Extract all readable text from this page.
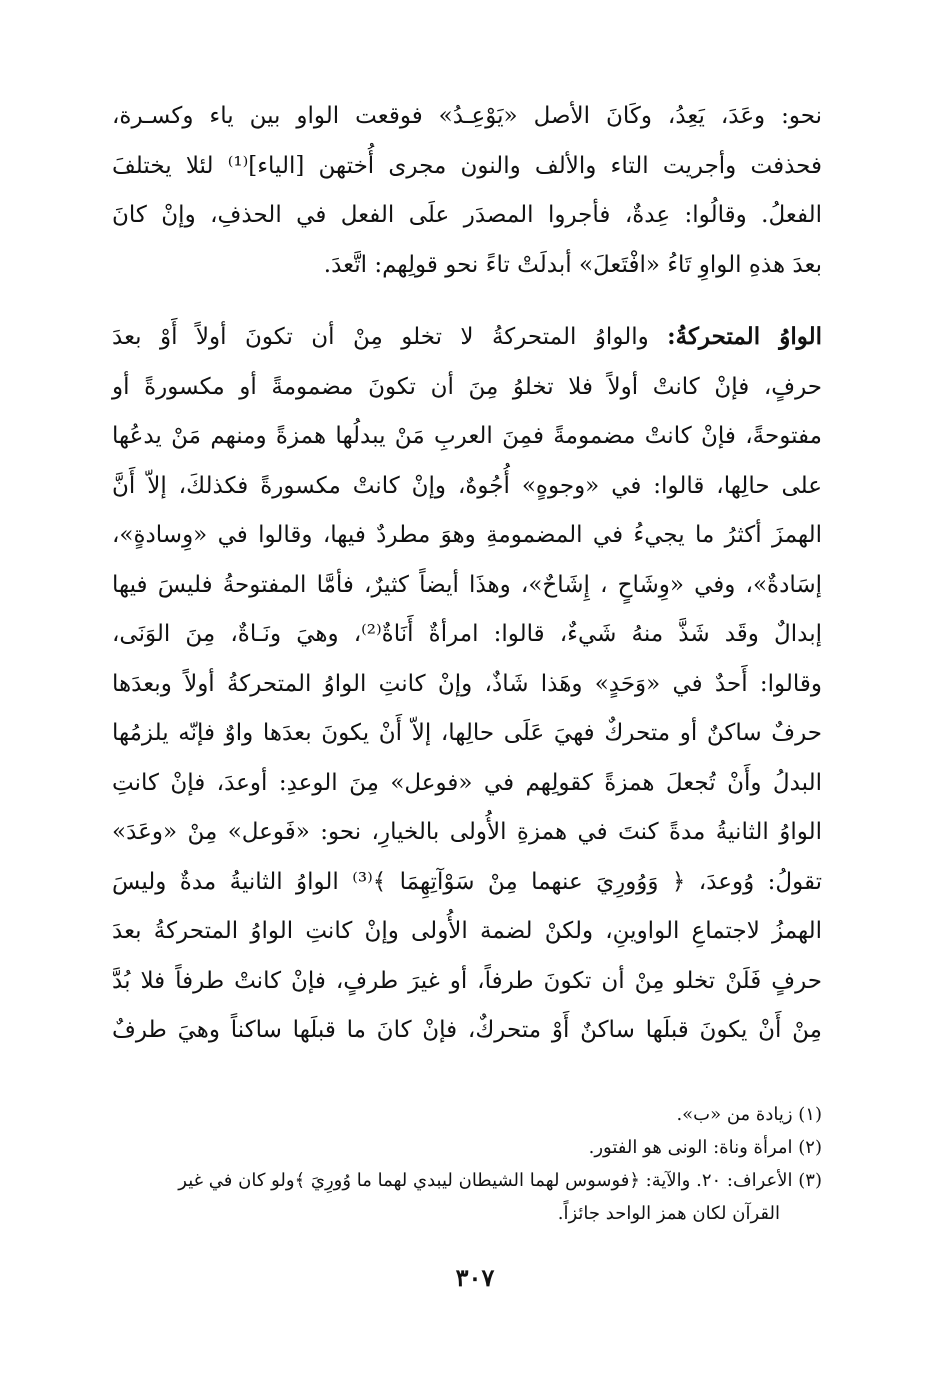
نحو: وعَدَ، يَعِدُ، وكَانَ الأصل «يَوْعِـدُ» فوقعت الواو بين ياء وكسـرة،
فحذفت وأجريت التاء والألف والنون مجرى أُختهن [الياء]⁽¹⁾ لئلا يختلفَ
الفعلُ. وقالُوا: عِدةٌ، فأجروا المصدَر علَى الفعل في الحذفِ، وإنْ كانَ
بعدَ هذهِ الواوِ تَاءُ «افْتَعلَ» أبدلَتْ تاءً نحو قولِهم: اتَّعدَ.
الواوُ المتحركةُ: والواوُ المتحركةُ لا تخلو مِنْ أن تكونَ أولاً أَوْ بعدَ
حرفٍ، فإنْ كانتْ أولاً فلا تخلوُ مِنَ أن تكونَ مضمومةً أو مكسورةً أو
مفتوحةً، فإنْ كانتْ مضمومةً فمِنَ العربِ مَنْ يبدلُها همزةً ومنهم مَنْ يدعُها
على حالِها، قالوا: في «وجوهٍ» أُجُوهٌ، وإنْ كانتْ مكسورةً فكذلكَ، إلاّ أَنَّ
الهمزَ أكثرُ ما يجيءُ في المضمومةِ وهوَ مطردٌ فيها، وقالوا في «وِسادةٍ»،
إسَادةٌ»، وفي «وِشَاحٍ ، إِشَاحٌ»، وهذَا أيضاً كثيرٌ، فأمَّا المفتوحةُ فليسَ فيها
إبدالٌ وقَد شَذَّ منهُ شَيءٌ، قالوا: امرأةٌ أَنَاةٌ⁽²⁾، وهيَ ونَـاةٌ، مِنَ الوَنَى،
وقالوا: أَحدٌ في «وَحَدٍ» وهَذا شَاذٌ، وإنْ كانتِ الواوُ المتحركةُ أولاً وبعدَها
حرفٌ ساكنٌ أو متحركٌ فهيَ عَلَى حالِها، إلاّ أَنْ يكونَ بعدَها واوٌ فإنّه يلزمُها
البدلُ وأَنْ تُجعلَ همزةً كقولِهم في «فوعل» مِنَ الوعدِ: أوعدَ، فإنْ كانتِ
الواوُ الثانيةُ مدةً كنتَ في همزةِ الأُولى بالخيارِ، نحو: «فَوعل» مِنْ «وعَدَ»
تقولُ: وُوعدَ، ﴿ وَوُورِيَ عنهما مِنْ سَوْآتِهِمَا ﴾⁽³⁾ الواوُ الثانيةُ مدةٌ وليسَ
الهمزُ لاجتماعِ الواوينِ، ولكنْ لضمة الأُولى وإنْ كانتِ الواوُ المتحركةُ بعدَ
حرفٍ فَلَنْ تخلو مِنْ أن تكونَ طرفاً، أو غيرَ طرفٍ، فإنْ كانتْ طرفاً فلا بُدَّ
مِنْ أَنْ يكونَ قبلَها ساكنٌ أَوْ متحركٌ، فإنْ كانَ ما قبلَها ساكناً وهيَ طرفٌ
(١) زيادة من «ب».
(٢) امرأة وناة: الونى هو الفتور.
(٣) الأعراف: ٢٠. والآية: ﴿فوسوس لهما الشيطان ليبدي لهما ما وُورِيَ ﴾ولو كان في غير
القرآن لكان همز الواحد جائزاً.
٣٠٧
